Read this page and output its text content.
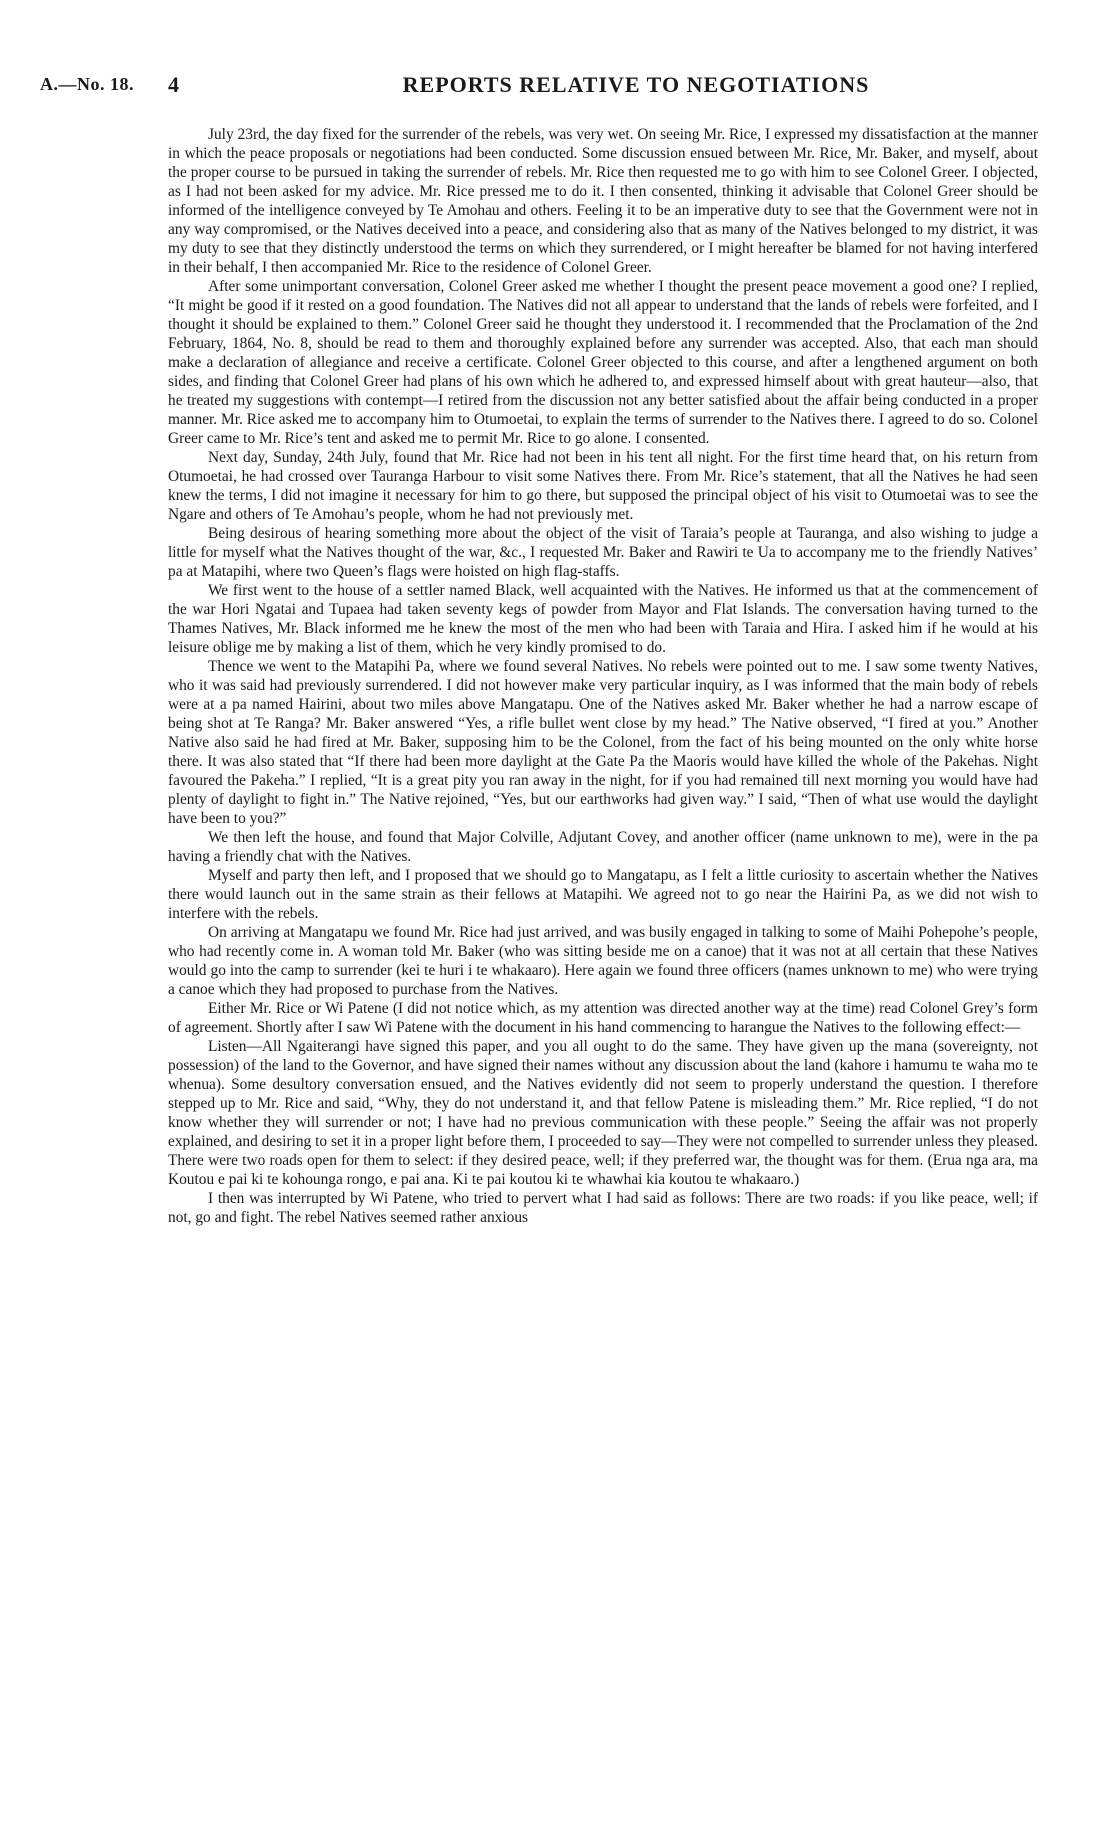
A.—No. 18. 4	REPORTS RELATIVE TO NEGOTIATIONS

July 23rd, the day fixed for the surrender of the rebels, was very wet. On seeing Mr. Rice, I expressed my dissatisfaction at the manner in which the peace proposals or negotiations had been conducted. Some discussion ensued between Mr. Rice, Mr. Baker, and myself, about the proper course to be pursued in taking the surrender of rebels. Mr. Rice then requested me to go with him to see Colonel Greer. I objected, as I had not been asked for my advice. Mr. Rice pressed me to do it. I then consented, thinking it advisable that Colonel Greer should be informed of the intelligence conveyed by Te Amohau and others. Feeling it to be an imperative duty to see that the Government were not in any way compromised, or the Natives deceived into a peace, and considering also that as many of the Natives belonged to my district, it was my duty to see that they distinctly understood the terms on which they surrendered, or I might hereafter be blamed for not having interfered in their behalf, I then accompanied Mr. Rice to the residence of Colonel Greer.

After some unimportant conversation, Colonel Greer asked me whether I thought the present peace movement a good one? I replied, “It might be good if it rested on a good foundation. The Natives did not all appear to understand that the lands of rebels were forfeited, and I thought it should be explained to them.” Colonel Greer said he thought they understood it. I recommended that the Proclamation of the 2nd February, 1864, No. 8, should be read to them and thoroughly explained before any surrender was accepted. Also, that each man should make a declaration of allegiance and receive a certificate. Colonel Greer objected to this course, and after a lengthened argument on both sides, and finding that Colonel Greer had plans of his own which he adhered to, and expressed himself about with great hauteur—also, that he treated my suggestions with contempt—I retired from the discussion not any better satisfied about the affair being conducted in a proper manner. Mr. Rice asked me to accompany him to Otumoetai, to explain the terms of surrender to the Natives there. I agreed to do so. Colonel Greer came to Mr. Rice’s tent and asked me to permit Mr. Rice to go alone. I consented.

Next day, Sunday, 24th July, found that Mr. Rice had not been in his tent all night. For the first time heard that, on his return from Otumoetai, he had crossed over Tauranga Harbour to visit some Natives there. From Mr. Rice’s statement, that all the Natives he had seen knew the terms, I did not imagine it necessary for him to go there, but supposed the principal object of his visit to Otumoetai was to see the Ngare and others of Te Amohau’s people, whom he had not previously met.

Being desirous of hearing something more about the object of the visit of Taraia’s people at Tauranga, and also wishing to judge a little for myself what the Natives thought of the war, &c., I requested Mr. Baker and Rawiri te Ua to accompany me to the friendly Natives’ pa at Matapihi, where two Queen’s flags were hoisted on high flag-staffs.

We first went to the house of a settler named Black, well acquainted with the Natives. He informed us that at the commencement of the war Hori Ngatai and Tupaea had taken seventy kegs of powder from Mayor and Flat Islands. The conversation having turned to the Thames Natives, Mr. Black informed me he knew the most of the men who had been with Taraia and Hira. I asked him if he would at his leisure oblige me by making a list of them, which he very kindly promised to do.

Thence we went to the Matapihi Pa, where we found several Natives. No rebels were pointed out to me. I saw some twenty Natives, who it was said had previously surrendered. I did not however make very particular inquiry, as I was informed that the main body of rebels were at a pa named Hairini, about two miles above Mangatapu. One of the Natives asked Mr. Baker whether he had a narrow escape of being shot at Te Ranga? Mr. Baker answered “Yes, a rifle bullet went close by my head.” The Native observed, “I fired at you.” Another Native also said he had fired at Mr. Baker, supposing him to be the Colonel, from the fact of his being mounted on the only white horse there. It was also stated that “If there had been more daylight at the Gate Pa the Maoris would have killed the whole of the Pakehas. Night favoured the Pakeha.” I replied, “It is a great pity you ran away in the night, for if you had remained till next morning you would have had plenty of daylight to fight in.” The Native rejoined, “Yes, but our earthworks had given way.” I said, “Then of what use would the daylight have been to you?”

We then left the house, and found that Major Colville, Adjutant Covey, and another officer (name unknown to me), were in the pa having a friendly chat with the Natives.

Myself and party then left, and I proposed that we should go to Mangatapu, as I felt a little curiosity to ascertain whether the Natives there would launch out in the same strain as their fellows at Matapihi. We agreed not to go near the Hairini Pa, as we did not wish to interfere with the rebels.

On arriving at Mangatapu we found Mr. Rice had just arrived, and was busily engaged in talking to some of Maihi Pohepohe’s people, who had recently come in. A woman told Mr. Baker (who was sitting beside me on a canoe) that it was not at all certain that these Natives would go into the camp to surrender (kei te huri i te whakaaro). Here again we found three officers (names unknown to me) who were trying a canoe which they had proposed to purchase from the Natives.

Either Mr. Rice or Wi Patene (I did not notice which, as my attention was directed another way at the time) read Colonel Grey’s form of agreement. Shortly after I saw Wi Patene with the document in his hand commencing to harangue the Natives to the following effect:—

Listen—All Ngaiterangi have signed this paper, and you all ought to do the same. They have given up the mana (sovereignty, not possession) of the land to the Governor, and have signed their names without any discussion about the land (kahore i hamumu te waha mo te whenua). Some desultory conversation ensued, and the Natives evidently did not seem to properly understand the question. I therefore stepped up to Mr. Rice and said, “Why, they do not understand it, and that fellow Patene is misleading them.” Mr. Rice replied, “I do not know whether they will surrender or not; I have had no previous communication with these people.” Seeing the affair was not properly explained, and desiring to set it in a proper light before them, I proceeded to say—They were not compelled to surrender unless they pleased. There were two roads open for them to select: if they desired peace, well; if they preferred war, the thought was for them. (Erua nga ara, ma Koutou e pai ki te kohounga rongo, e pai ana. Ki te pai koutou ki te whawhai kia koutou te whakaaro.)

I then was interrupted by Wi Patene, who tried to pervert what I had said as follows: There are two roads: if you like peace, well; if not, go and fight. The rebel Natives seemed rather anxious
